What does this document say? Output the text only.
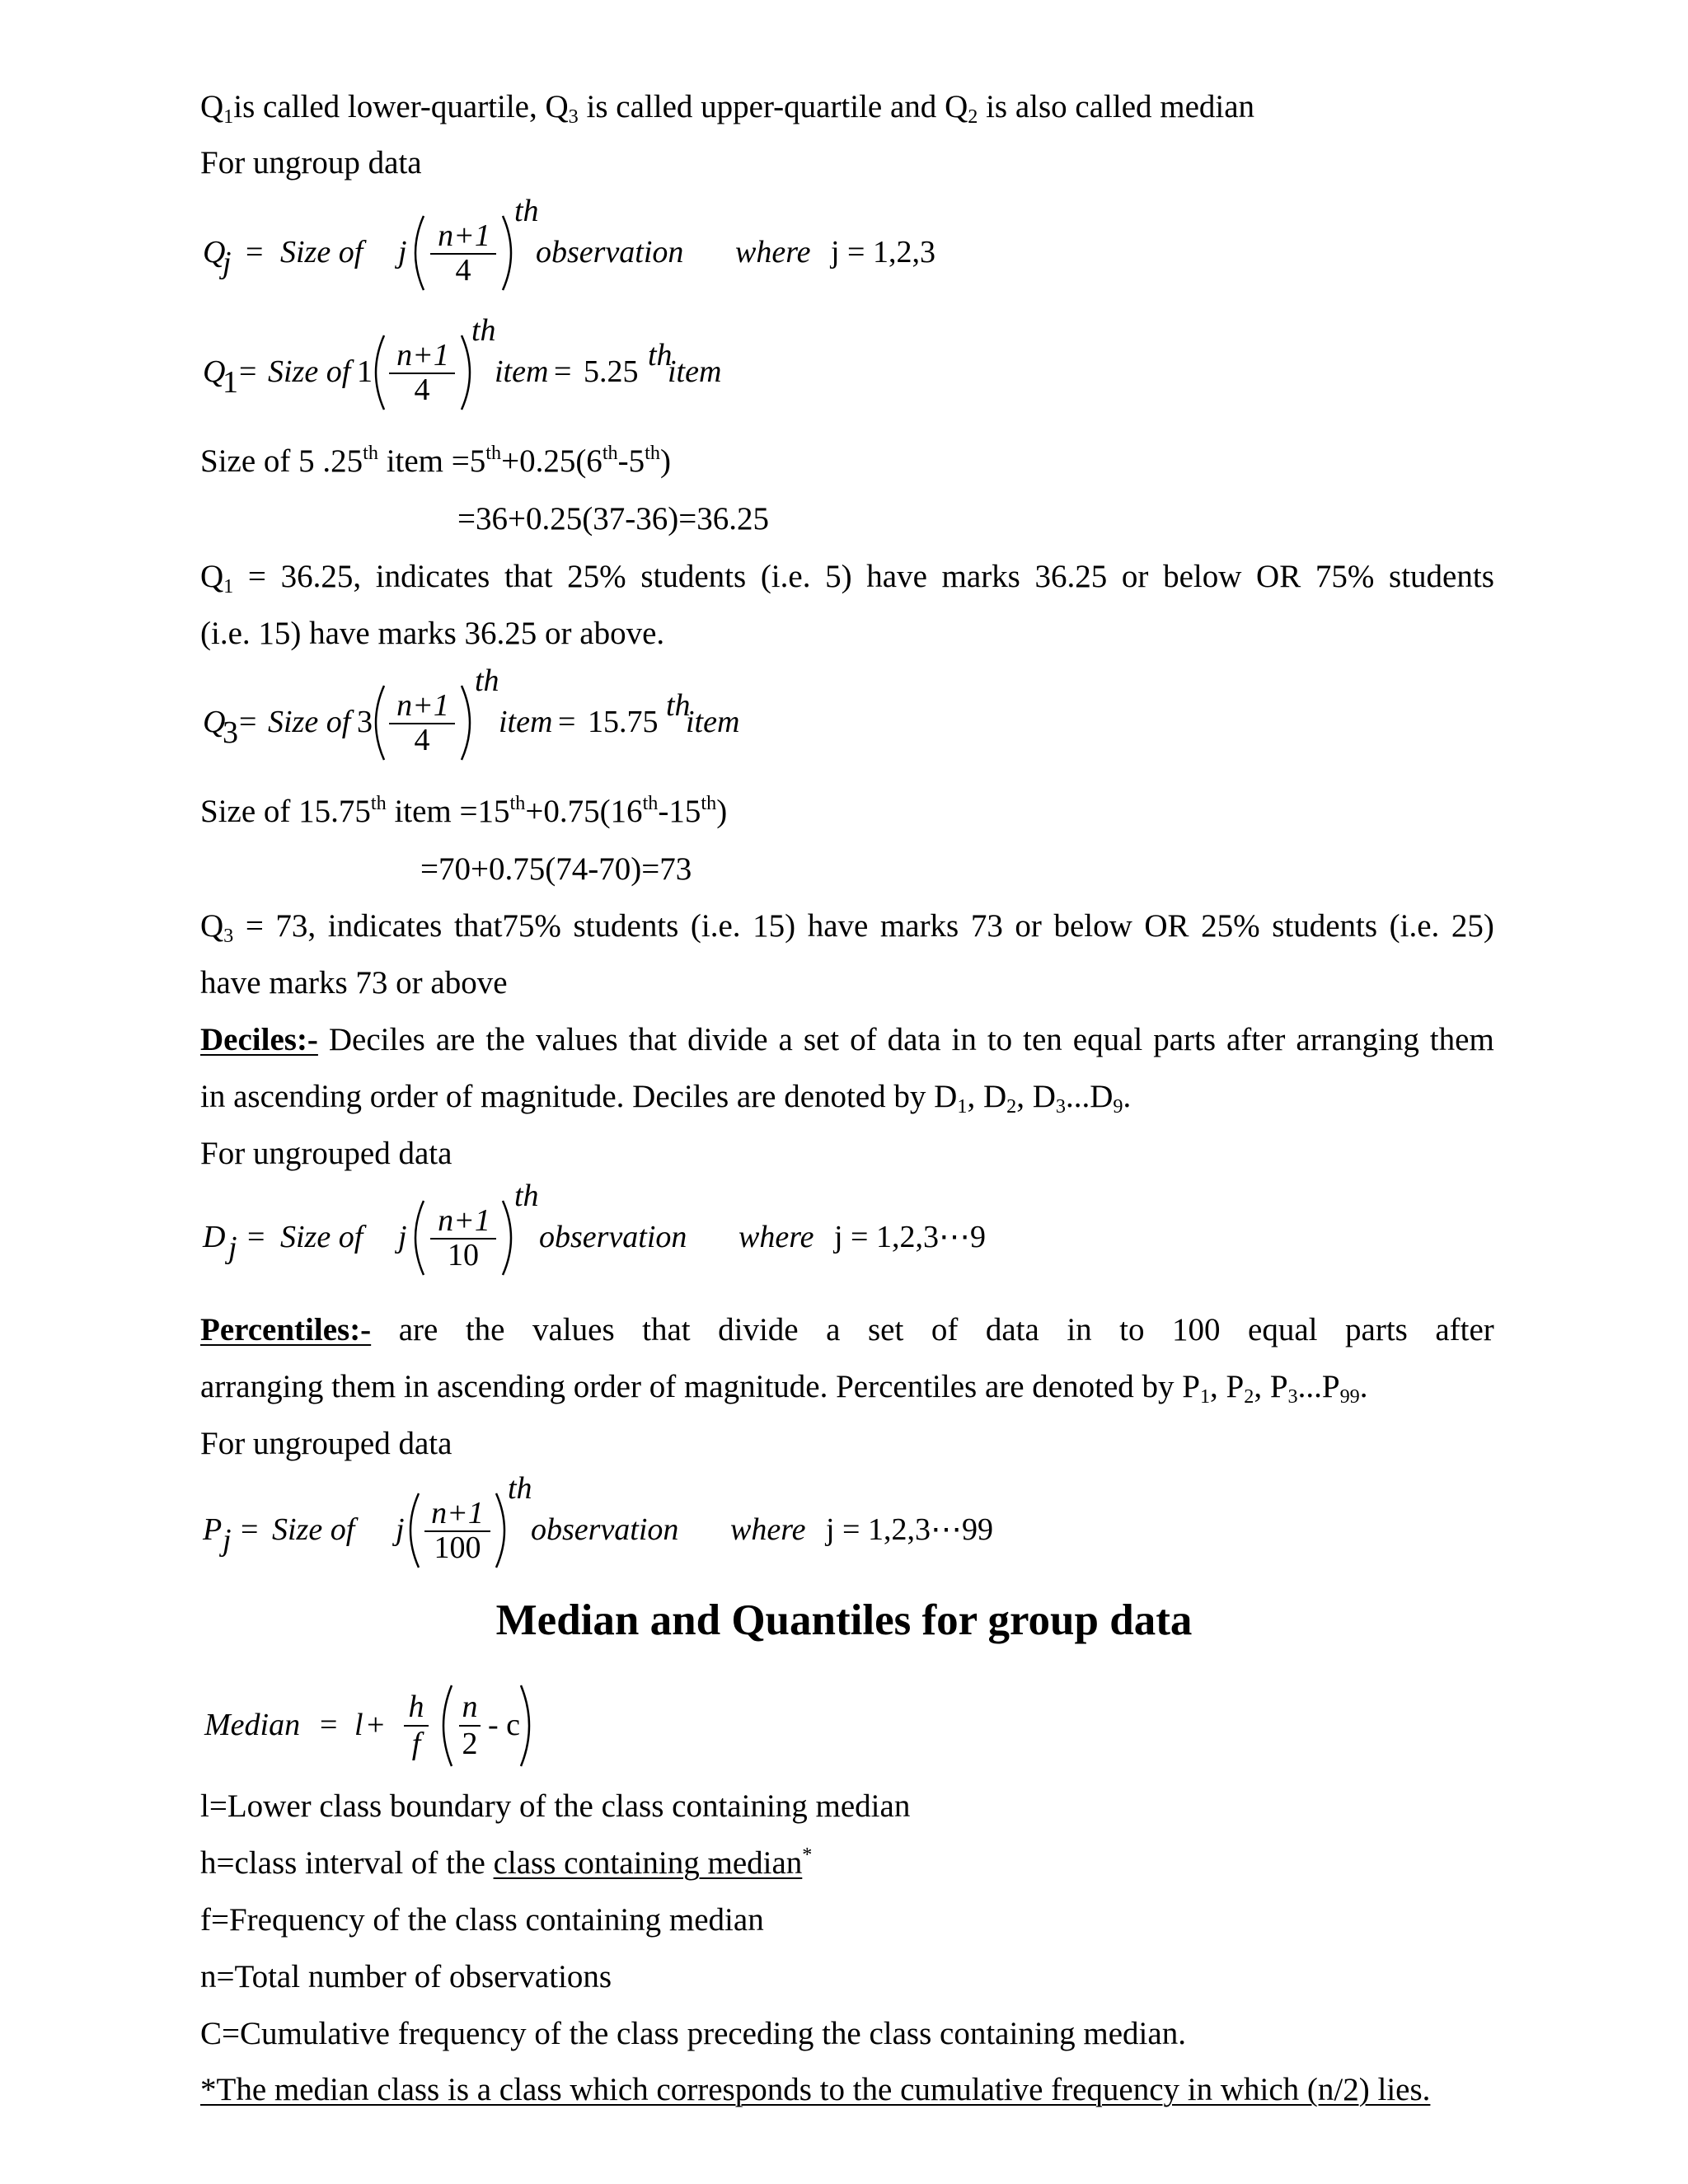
$Q_1is$ called lower-quartile, $Q_3$ is called upper-quartile and $Q_2$ is also called median
For ungroup data
Q
j = Size of j n+1
4
th
observation where j = 1,2,3
Q
1 = Size of 1 n+1
4
th
item = 5.25 th
item
Size of 5 .25th item =5th+0.25(6th-5th)
=36+0.25(37-36)=36.25
$Q_1 = 36.25$, indicates that 25% students (i.e. 5) have marks 36.25 or below OR 75% students
(i.e. 15) have marks 36.25 or above.
Q
3 = Size of 3 n+1
4
th
item = 15.75 th
item
Size of 15.75th item =15th+0.75(16th-15th)
=70+0.75(74-70)=73
$Q_3 = 73$, indicates that75% students (i.e. 15) have marks 73 or below OR 25% students (i.e. 25)
have marks 73 or above
Deciles:- Deciles are the values that divide a set of data in to ten equal parts after arranging them
in ascending order of magnitude. Deciles are denoted by $D_1$, $D_2$, $D_3...D_9$.
For ungrouped data
D j = Size of j n+1
10
th
observation where j = 1,2,3⋯9
Percentiles:- are the values that divide a set of data in to 100 equal parts after
arranging them in ascending order of magnitude. Percentiles are denoted by $P_1$, $P_2$, $P_3...P_{99}$.
For ungrouped data
P j = Size of j n+1
100
th
observation where j = 1,2,3⋯99
Median and Quantiles for group data
Median = l +
h
f
n
2
- c
l=Lower class boundary of the class containing median
h=class interval of the class containing median*
f=Frequency of the class containing median
n=Total number of observations
C=Cumulative frequency of the class preceding the class containing median.
*The median class is a class which corresponds to the cumulative frequency in which (n/2) lies.
